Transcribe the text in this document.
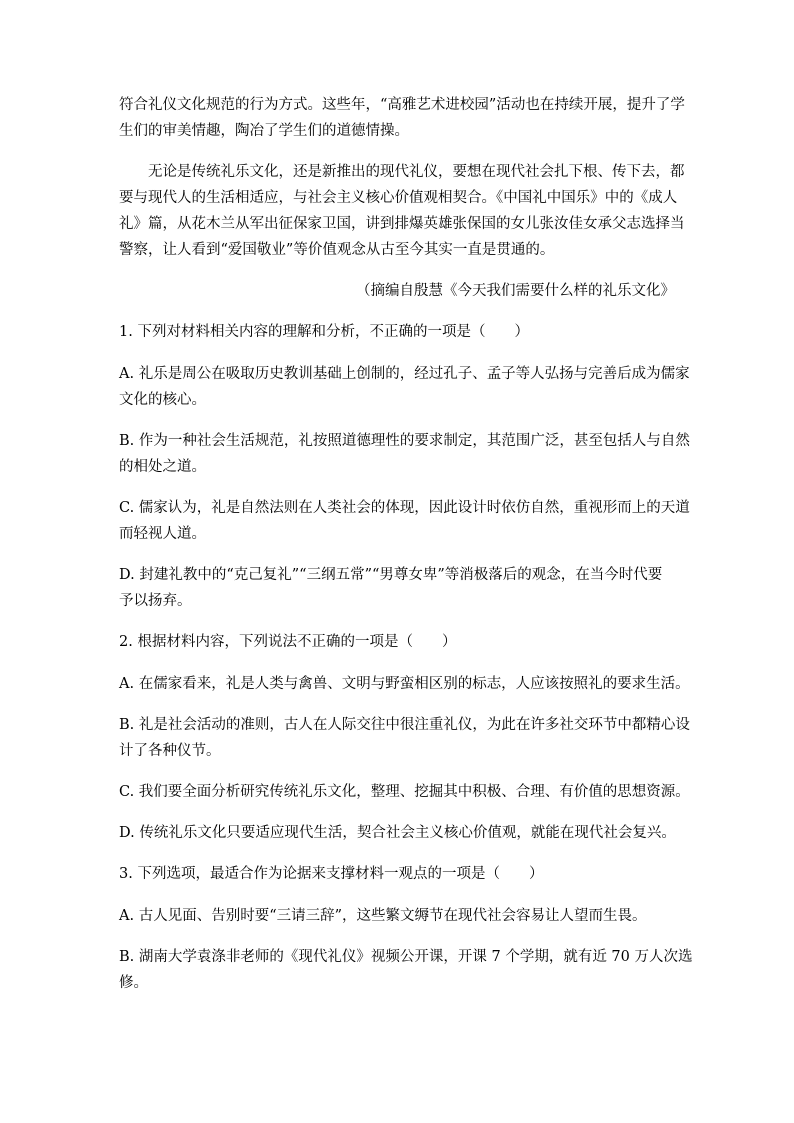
符合礼仪文化规范的行为方式。这些年，“高雅艺术进校园”活动也在持续开展，提升了学

生们的审美情趣，陶冶了学生们的道德情操。

无论是传统礼乐文化，还是新推出的现代礼仪，要想在现代社会扎下根、传下去，都

要与现代人的生活相适应，与社会主义核心价值观相契合。《中国礼中国乐》中的《成人

礼》篇，从花木兰从军出征保家卫国，讲到排爆英雄张保国的女儿张汝佳女承父志选择当

警察，让人看到“爱国敬业”等价值观念从古至今其实一直是贯通的。

（摘编自殷慧《今天我们需要什么样的礼乐文化》

1. 下列对材料相关内容的理解和分析，不正确的一项是（　　）

A. 礼乐是周公在吸取历史教训基础上创制的，经过孔子、孟子等人弘扬与完善后成为儒家

文化的核心。

B. 作为一种社会生活规范，礼按照道德理性的要求制定，其范围广泛，甚至包括人与自然

的相处之道。

C. 儒家认为，礼是自然法则在人类社会的体现，因此设计时依仿自然，重视形而上的天道

而轻视人道。

D. 封建礼教中的“克己复礼”“三纲五常”“男尊女卑”等消极落后的观念，在当今时代要

予以扬弃。

2. 根据材料内容，下列说法不正确的一项是（　　）

A. 在儒家看来，礼是人类与禽兽、文明与野蛮相区别的标志，人应该按照礼的要求生活。

B. 礼是社会活动的准则，古人在人际交往中很注重礼仪，为此在许多社交环节中都精心设

计了各种仪节。

C. 我们要全面分析研究传统礼乐文化，整理、挖掘其中积极、合理、有价值的思想资源。

D. 传统礼乐文化只要适应现代生活，契合社会主义核心价值观，就能在现代社会复兴。

3. 下列选项，最适合作为论据来支撑材料一观点的一项是（　　）

A. 古人见面、告别时要“三请三辞”，这些繁文缛节在现代社会容易让人望而生畏。

B. 湖南大学袁涤非老师的《现代礼仪》视频公开课，开课 7 个学期，就有近 70 万人次选

修。
